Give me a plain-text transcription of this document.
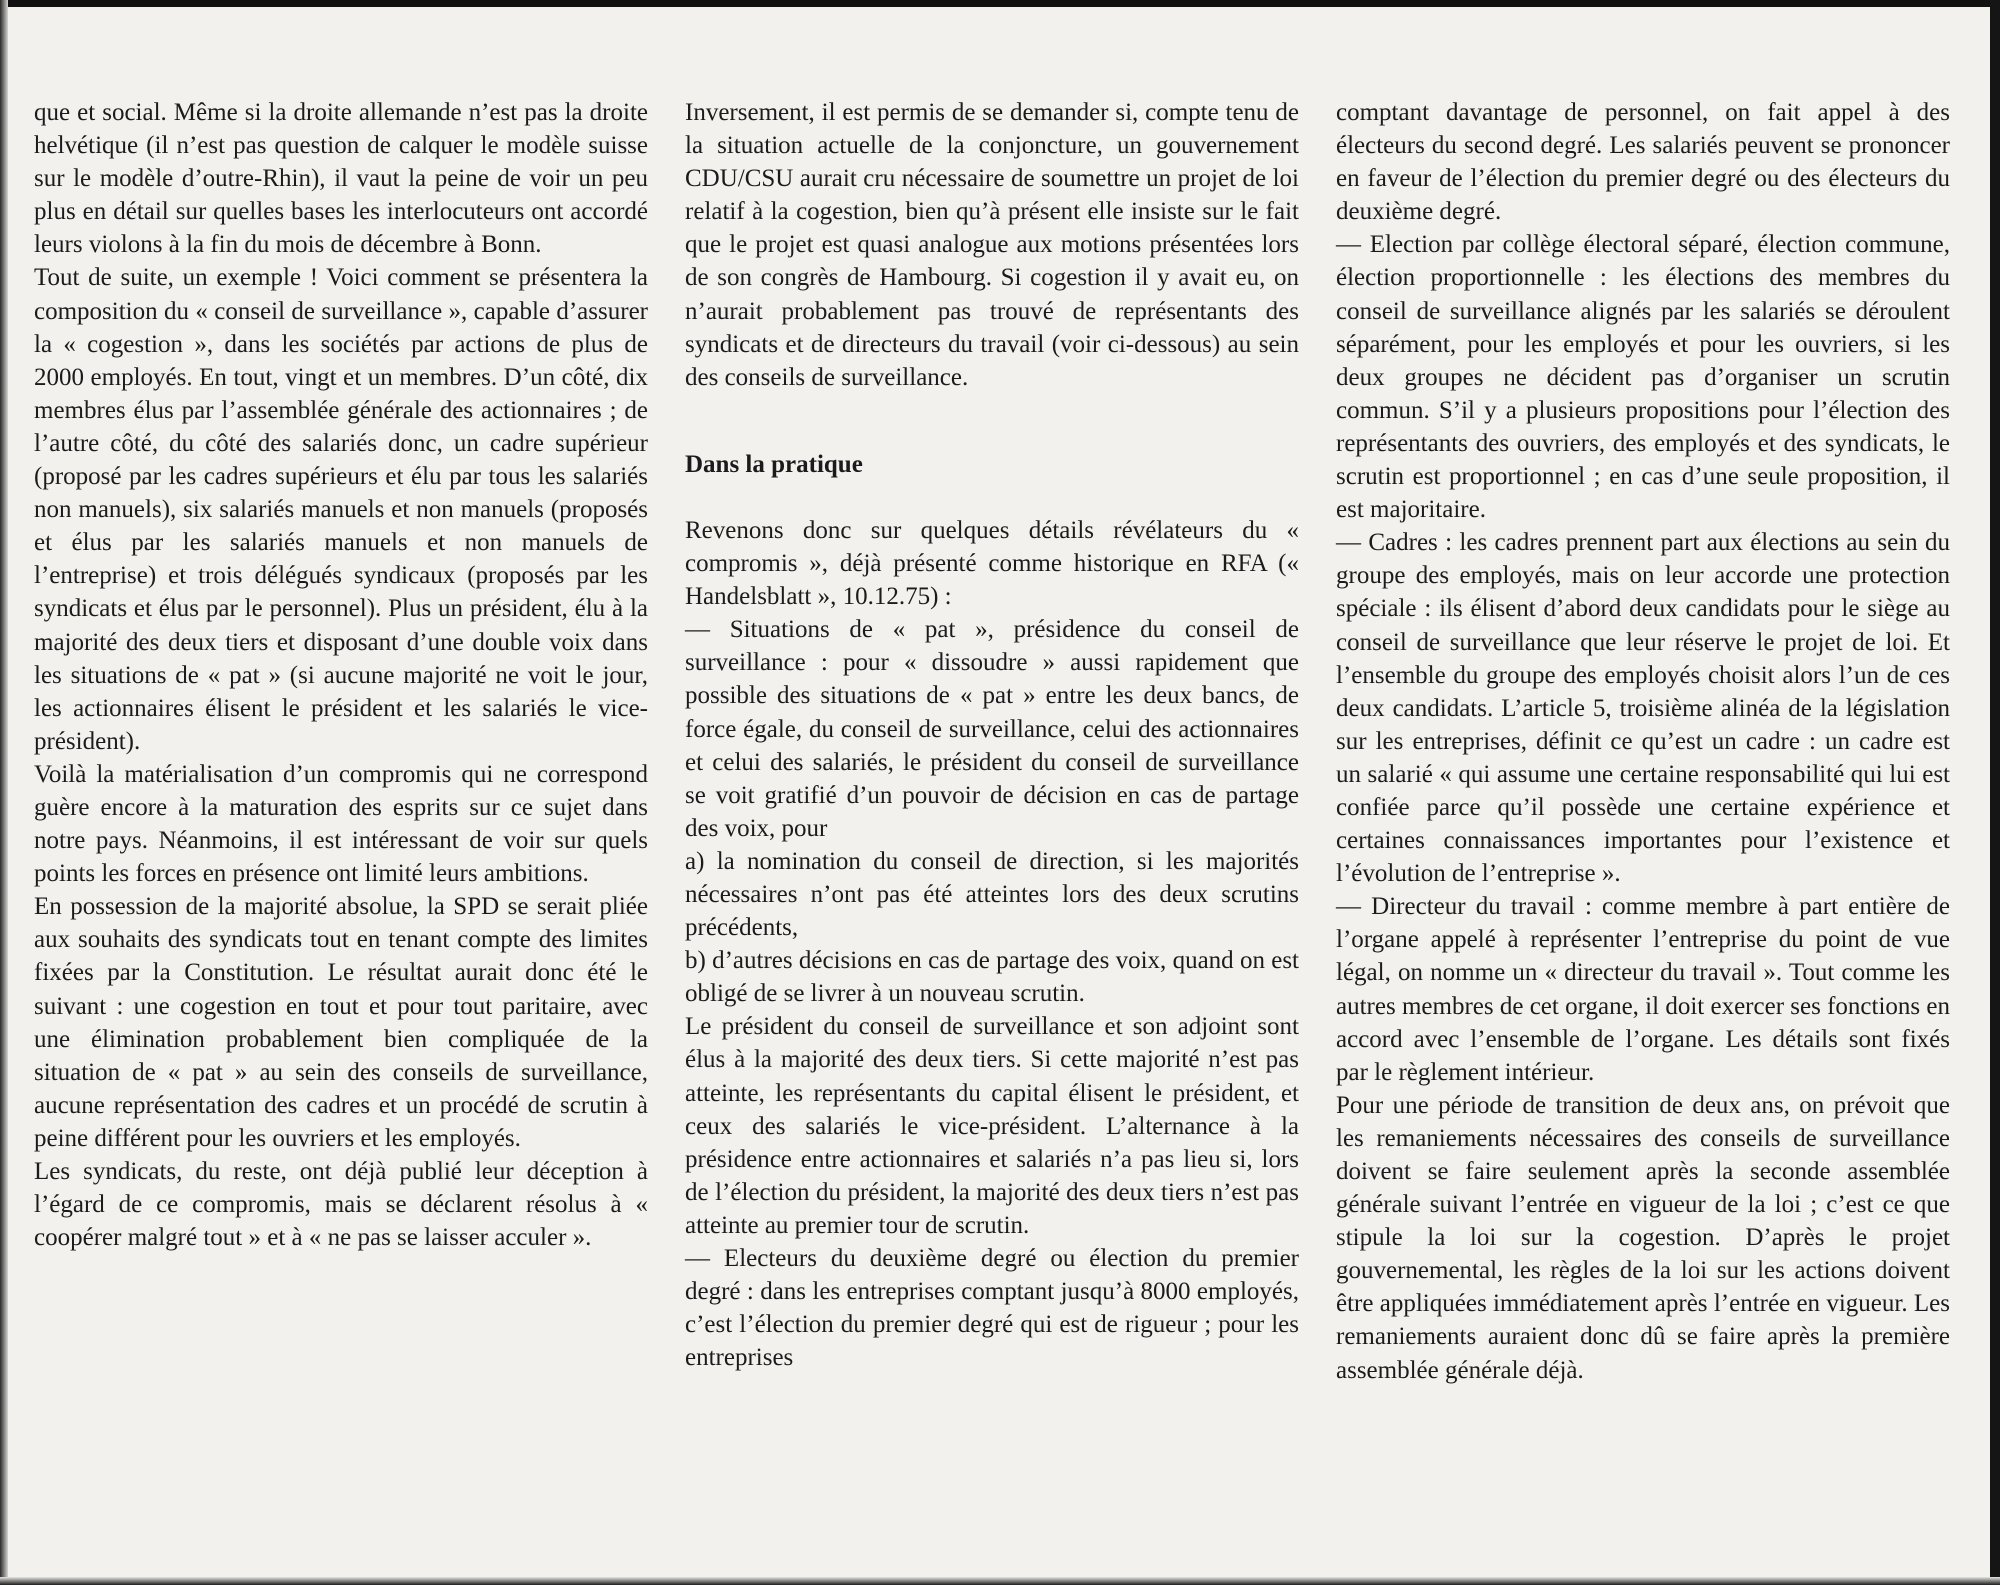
que et social. Même si la droite allemande n’est pas la droite helvétique (il n’est pas question de calquer le modèle suisse sur le modèle d’outre-Rhin), il vaut la peine de voir un peu plus en détail sur quelles bases les interlocuteurs ont accordé leurs violons à la fin du mois de décembre à Bonn.

Tout de suite, un exemple ! Voici comment se présentera la composition du « conseil de surveillance », capable d’assurer la « cogestion », dans les sociétés par actions de plus de 2000 employés. En tout, vingt et un membres. D’un côté, dix membres élus par l’assemblée générale des actionnaires ; de l’autre côté, du côté des salariés donc, un cadre supérieur (proposé par les cadres supérieurs et élu par tous les salariés non manuels), six salariés manuels et non manuels (proposés et élus par les salariés manuels et non manuels de l’entreprise) et trois délégués syndicaux (proposés par les syndicats et élus par le personnel). Plus un président, élu à la majorité des deux tiers et disposant d’une double voix dans les situations de « pat » (si aucune majorité ne voit le jour, les actionnaires élisent le président et les salariés le vice-président).

Voilà la matérialisation d’un compromis qui ne correspond guère encore à la maturation des esprits sur ce sujet dans notre pays. Néanmoins, il est intéressant de voir sur quels points les forces en présence ont limité leurs ambitions.

En possession de la majorité absolue, la SPD se serait pliée aux souhaits des syndicats tout en tenant compte des limites fixées par la Constitution. Le résultat aurait donc été le suivant : une cogestion en tout et pour tout paritaire, avec une élimination probablement bien compliquée de la situation de « pat » au sein des conseils de surveillance, aucune représentation des cadres et un procédé de scrutin à peine différent pour les ouvriers et les employés.

Les syndicats, du reste, ont déjà publié leur déception à l’égard de ce compromis, mais se déclarent résolus à « coopérer malgré tout » et à « ne pas se laisser acculer ».

Inversement, il est permis de se demander si, compte tenu de la situation actuelle de la conjoncture, un gouvernement CDU/CSU aurait cru nécessaire de soumettre un projet de loi relatif à la cogestion, bien qu’à présent elle insiste sur le fait que le projet est quasi analogue aux motions présentées lors de son congrès de Hambourg. Si cogestion il y avait eu, on n’aurait probablement pas trouvé de représentants des syndicats et de directeurs du travail (voir ci-dessous) au sein des conseils de surveillance.

Dans la pratique

Revenons donc sur quelques détails révélateurs du « compromis », déjà présenté comme historique en RFA (« Handelsblatt », 10.12.75) :

— Situations de « pat », présidence du conseil de surveillance : pour « dissoudre » aussi rapidement que possible des situations de « pat » entre les deux bancs, de force égale, du conseil de surveillance, celui des actionnaires et celui des salariés, le président du conseil de surveillance se voit gratifié d’un pouvoir de décision en cas de partage des voix, pour

a) la nomination du conseil de direction, si les majorités nécessaires n’ont pas été atteintes lors des deux scrutins précédents,

b) d’autres décisions en cas de partage des voix, quand on est obligé de se livrer à un nouveau scrutin.

Le président du conseil de surveillance et son adjoint sont élus à la majorité des deux tiers. Si cette majorité n’est pas atteinte, les représentants du capital élisent le président, et ceux des salariés le vice-président. L’alternance à la présidence entre actionnaires et salariés n’a pas lieu si, lors de l’élection du président, la majorité des deux tiers n’est pas atteinte au premier tour de scrutin.

— Electeurs du deuxième degré ou élection du premier degré : dans les entreprises comptant jusqu’à 8000 employés, c’est l’élection du premier degré qui est de rigueur ; pour les entreprises

comptant davantage de personnel, on fait appel à des électeurs du second degré. Les salariés peuvent se prononcer en faveur de l’élection du premier degré ou des électeurs du deuxième degré.

— Election par collège électoral séparé, élection commune, élection proportionnelle : les élections des membres du conseil de surveillance alignés par les salariés se déroulent séparément, pour les employés et pour les ouvriers, si les deux groupes ne décident pas d’organiser un scrutin commun. S’il y a plusieurs propositions pour l’élection des représentants des ouvriers, des employés et des syndicats, le scrutin est proportionnel ; en cas d’une seule proposition, il est majoritaire.

— Cadres : les cadres prennent part aux élections au sein du groupe des employés, mais on leur accorde une protection spéciale : ils élisent d’abord deux candidats pour le siège au conseil de surveillance que leur réserve le projet de loi. Et l’ensemble du groupe des employés choisit alors l’un de ces deux candidats. L’article 5, troisième alinéa de la législation sur les entreprises, définit ce qu’est un cadre : un cadre est un salarié « qui assume une certaine responsabilité qui lui est confiée parce qu’il possède une certaine expérience et certaines connaissances importantes pour l’existence et l’évolution de l’entreprise ».

— Directeur du travail : comme membre à part entière de l’organe appelé à représenter l’entreprise du point de vue légal, on nomme un « directeur du travail ». Tout comme les autres membres de cet organe, il doit exercer ses fonctions en accord avec l’ensemble de l’organe. Les détails sont fixés par le règlement intérieur.

Pour une période de transition de deux ans, on prévoit que les remaniements nécessaires des conseils de surveillance doivent se faire seulement après la seconde assemblée générale suivant l’entrée en vigueur de la loi ; c’est ce que stipule la loi sur la cogestion. D’après le projet gouvernemental, les règles de la loi sur les actions doivent être appliquées immédiatement après l’entrée en vigueur. Les remaniements auraient donc dû se faire après la première assemblée générale déjà.
